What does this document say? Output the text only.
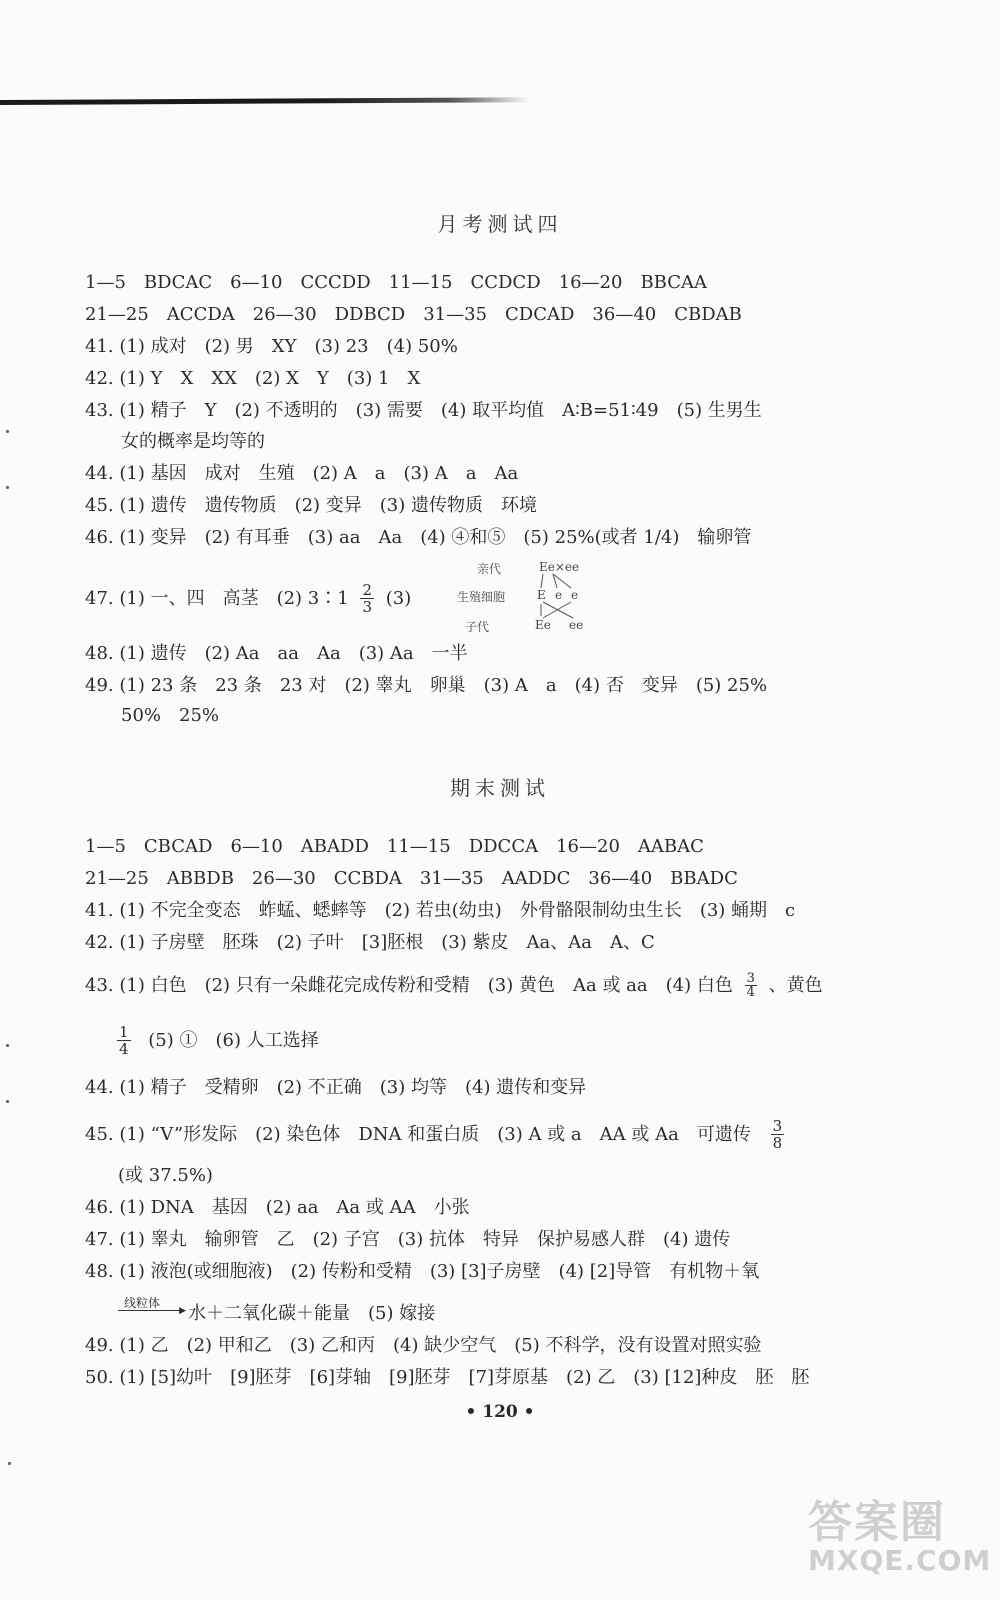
月考测试四
1—5　BDCAC　6—10　CCCDD　11—15　CCDCD　16—20　BBCAA
21—25　ACCDA　26—30　DDBCD　31—35　CDCAD　36—40　CBDAB
41. (1) 成对　(2) 男　XY　(3) 23　(4) 50%
42. (1) Y　X　XX　(2) X　Y　(3) 1　X
43. (1) 精子　Y　(2) 不透明的　(3) 需要　(4) 取平均值　A∶B=51∶49　(5) 生男生
女的概率是均等的
44. (1) 基因　成对　生殖　(2) A　a　(3) A　a　Aa
45. (1) 遗传　遗传物质　(2) 变异　(3) 遗传物质　环境
46. (1) 变异　(2) 有耳垂　(3) aa　Aa　(4) ④和⑤　(5) 25%(或者 1/4)　输卵管
47. (1) 一、四　高茎　(2) 3∶1 $\frac{2}{3} (3)$
亲代
生殖细胞
子代
Ee×ee
E e e
Ee ee
48. (1) 遗传　(2) Aa　aa　Aa　(3) Aa　一半
49. (1) 23 条　23 条　23 对　(2) 睾丸　卵巢　(3) A　a　(4) 否　变异　(5) 25%
50%　25%
期末测试
1—5　CBCAD　6—10　ABADD　11—15　DDCCA　16—20　AABAC
21—25　ABBDB　26—30　CCBDA　31—35　AADDC　36—40　BBADC
41. (1) 不完全变态　蚱蜢、蟋蟀等　(2) 若虫(幼虫)　外骨骼限制幼虫生长　(3) 蛹期　c
42. (1) 子房壁　胚珠　(2) 子叶　[3]胚根　(3) 紫皮　Aa、Aa　A、C
43. (1) 白色　(2) 只有一朵雌花完成传粉和受精　(3) 黄色　Aa 或 aa　(4) 白色 $\frac{3}{4}$ 、黄色
$\frac{1}{4} (5)$ ①　(6) 人工选择
44. (1) 精子　受精卵　(2) 不正确　(3) 均等　(4) 遗传和变异
45. (1) “V”形发际　(2) 染色体　DNA 和蛋白质　(3) A 或 a　AA 或 Aa　可遗传 $\frac{3}{8}$
(或 37.5%)
46. (1) DNA　基因　(2) aa　Aa 或 AA　小张
47. (1) 睾丸　输卵管　乙　(2) 子宫　(3) 抗体　特异　保护易感人群　(4) 遗传
48. (1) 液泡(或细胞液)　(2) 传粉和受精　(3) [3]子房壁　(4) [2]导管　有机物＋氧
线粒体
▶ 水＋二氧化碳＋能量　(5) 嫁接
49. (1) 乙　(2) 甲和乙　(3) 乙和丙　(4) 缺少空气　(5) 不科学，没有设置对照实验
50. (1) [5]幼叶　[9]胚芽　[6]芽轴　[9]胚芽　[7]芽原基　(2) 乙　(3) [12]种皮　胚　胚
• 120 •
答案圈
MXQE.COM
